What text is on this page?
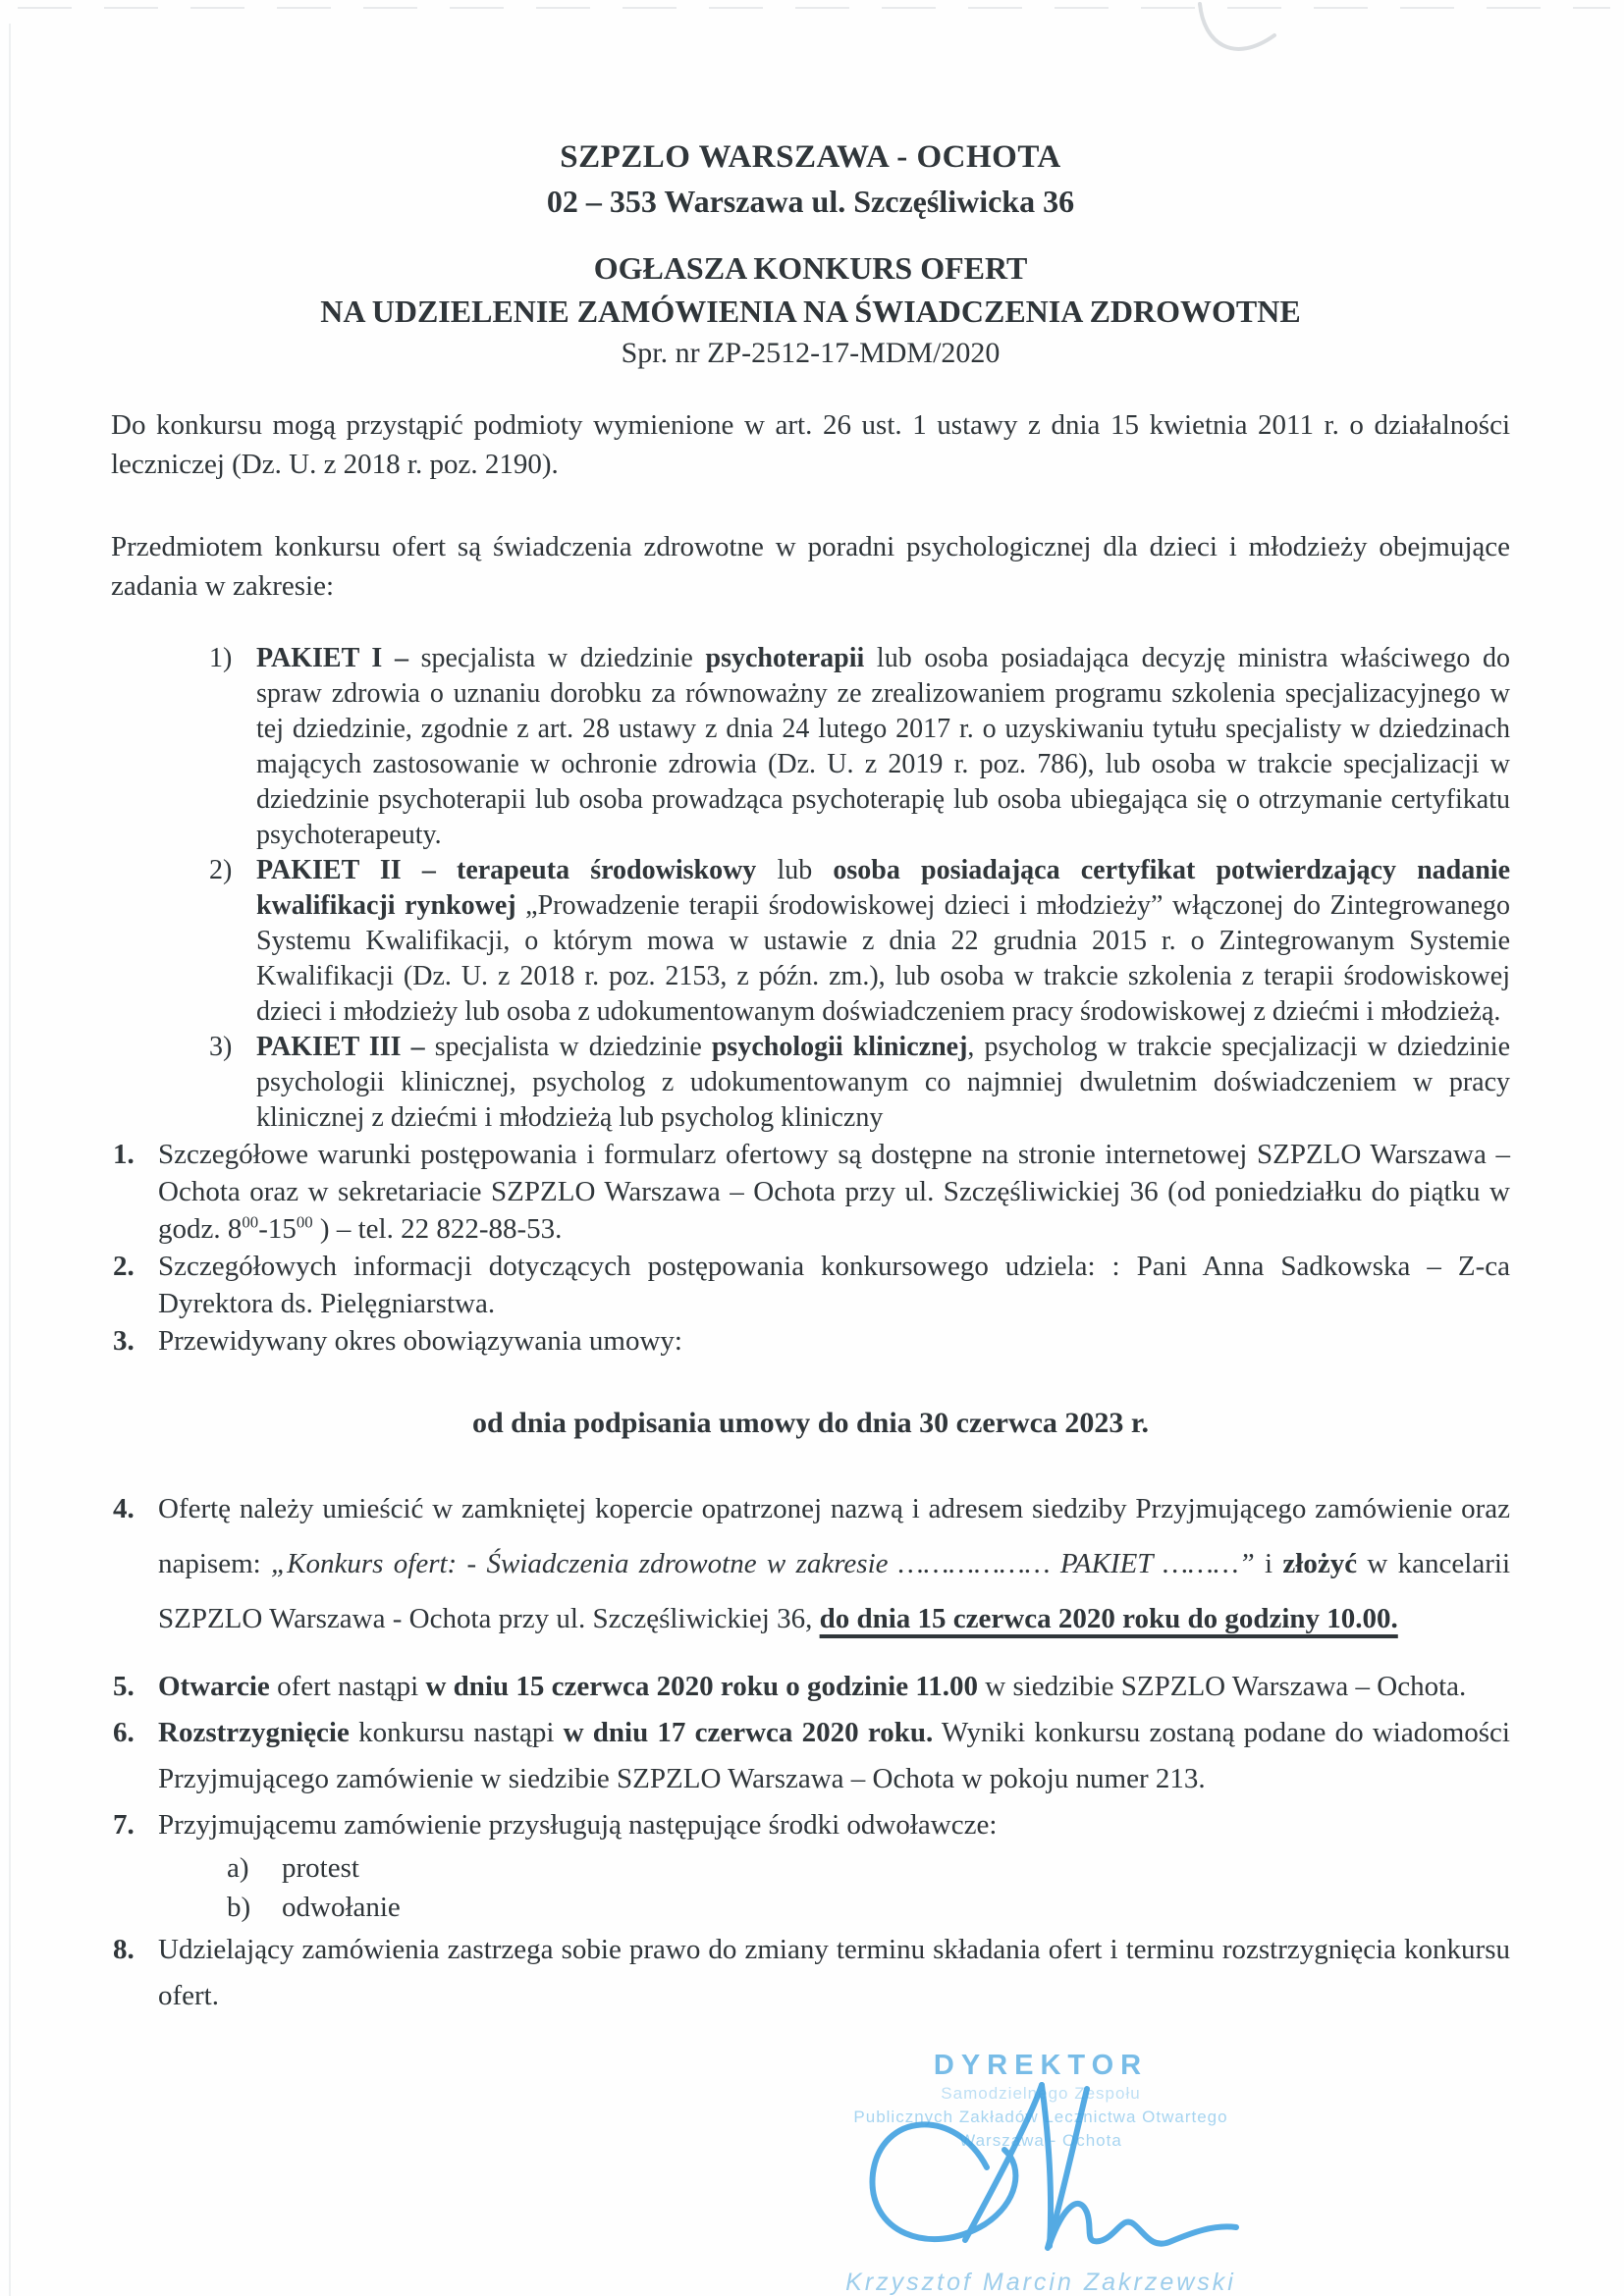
SZPZLO WARSZAWA - OCHOTA
02 – 353 Warszawa ul. Szczęśliwicka 36
OGŁASZA KONKURS OFERT
NA UDZIELENIE ZAMÓWIENIA NA ŚWIADCZENIA ZDROWOTNE
Spr. nr ZP-2512-17-MDM/2020

Do konkursu mogą przystąpić podmioty wymienione w art. 26 ust. 1 ustawy z dnia 15 kwietnia 2011 r. o działalności leczniczej (Dz. U. z 2018 r. poz. 2190).

Przedmiotem konkursu ofert są świadczenia zdrowotne w poradni psychologicznej dla dzieci i młodzieży obejmujące zadania w zakresie:

1) PAKIET I – specjalista w dziedzinie psychoterapii lub osoba posiadająca decyzję ministra właściwego do spraw zdrowia o uznaniu dorobku za równoważny ze zrealizowaniem programu szkolenia specjalizacyjnego w tej dziedzinie, zgodnie z art. 28 ustawy z dnia 24 lutego 2017 r. o uzyskiwaniu tytułu specjalisty w dziedzinach mających zastosowanie w ochronie zdrowia (Dz. U. z 2019 r. poz. 786), lub osoba w trakcie specjalizacji w dziedzinie psychoterapii lub osoba prowadząca psychoterapię lub osoba ubiegająca się o otrzymanie certyfikatu psychoterapeuty.
2) PAKIET II – terapeuta środowiskowy lub osoba posiadająca certyfikat potwierdzający nadanie kwalifikacji rynkowej „Prowadzenie terapii środowiskowej dzieci i młodzieży” włączonej do Zintegrowanego Systemu Kwalifikacji, o którym mowa w ustawie z dnia 22 grudnia 2015 r. o Zintegrowanym Systemie Kwalifikacji (Dz. U. z 2018 r. poz. 2153, z późn. zm.), lub osoba w trakcie szkolenia z terapii środowiskowej dzieci i młodzieży lub osoba z udokumentowanym doświadczeniem pracy środowiskowej z dziećmi i młodzieżą.
3) PAKIET III – specjalista w dziedzinie psychologii klinicznej, psycholog w trakcie specjalizacji w dziedzinie psychologii klinicznej, psycholog z udokumentowanym co najmniej dwuletnim doświadczeniem w pracy klinicznej z dziećmi i młodzieżą lub psycholog kliniczny
1. Szczegółowe warunki postępowania i formularz ofertowy są dostępne na stronie internetowej SZPZLO Warszawa – Ochota oraz w sekretariacie SZPZLO Warszawa – Ochota przy ul. Szczęśliwickiej 36 (od poniedziałku do piątku w godz. $8^{00}-15^{00}$ ) – tel. 22 822-88-53.
2. Szczegółowych informacji dotyczących postępowania konkursowego udziela: : Pani Anna Sadkowska – Z-ca Dyrektora ds. Pielęgniarstwa.
3. Przewidywany okres obowiązywania umowy:
od dnia podpisania umowy do dnia 30 czerwca 2023 r.
4. Ofertę należy umieścić w zamkniętej kopercie opatrzonej nazwą i adresem siedziby Przyjmującego zamówienie oraz napisem: „Konkurs ofert: - Świadczenia zdrowotne w zakresie ……………… PAKIET ………” i złożyć w kancelarii SZPZLO Warszawa - Ochota przy ul. Szczęśliwickiej 36, do dnia 15 czerwca 2020 roku do godziny 10.00.
5. Otwarcie ofert nastąpi w dniu 15 czerwca 2020 roku o godzinie 11.00 w siedzibie SZPZLO Warszawa – Ochota.
6. Rozstrzygnięcie konkursu nastąpi w dniu 17 czerwca 2020 roku. Wyniki konkursu zostaną podane do wiadomości Przyjmującego zamówienie w siedzibie SZPZLO Warszawa – Ochota w pokoju numer 213.
7. Przyjmującemu zamówienie przysługują następujące środki odwoławcze:
a)	protest
b)	odwołanie
8. Udzielający zamówienia zastrzega sobie prawo do zmiany terminu składania ofert i terminu rozstrzygnięcia konkursu ofert.
DYREKTOR
Samodzielnego Zespołu
Publicznych Zakładów Lecznictwa Otwartego
Warszawa - Ochota
Krzysztof Marcin Zakrzewski
